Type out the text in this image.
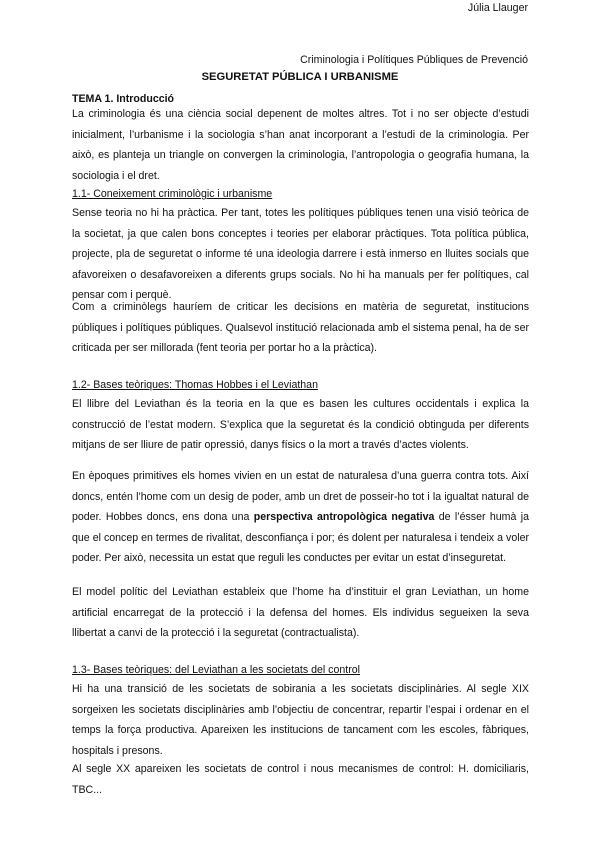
Júlia Llauger
Criminologia i Polítiques Públiques de Prevenció
SEGURETAT PÚBLICA I URBANISME
TEMA 1. Introducció

La criminologia és una ciència social depenent de moltes altres. Tot i no ser objecte d’estudi inicialment, l’urbanisme i la sociologia s’han anat incorporant a l’estudi de la criminologia. Per això, es planteja un triangle on convergen la criminologia, l’antropologia o geografia humana, la sociologia i el dret.

1.1- Coneixement criminològic i urbanisme

Sense teoria no hi ha pràctica. Per tant, totes les polítiques públiques tenen una visió teòrica de la societat, ja que calen bons conceptes i teories per elaborar pràctiques. Tota política pública, projecte, pla de seguretat o informe té una ideologia darrere i està inmerso en lluites socials que afavoreixen o desafavoreixen a diferents grups socials. No hi ha manuals per fer polítiques, cal pensar com i perquè.

Com a criminòlegs hauríem de criticar les decisions en matèria de seguretat, institucions públiques i polítiques públiques. Qualsevol institució relacionada amb el sistema penal, ha de ser criticada per ser millorada (fent teoria per portar ho a la pràctica).

1.2- Bases teòriques: Thomas Hobbes i el Leviathan

El llibre del Leviathan és la teoria en la que es basen les cultures occidentals i explica la construcció de l’estat modern. S’explica que la seguretat és la condició obtinguda per diferents mitjans de ser lliure de patir opressió, danys físics o la mort a través d’actes violents.

En èpoques primitives els homes vivien en un estat de naturalesa d’una guerra contra tots. Així doncs, entén l’home com un desig de poder, amb un dret de posseir-ho tot i la igualtat natural de poder. Hobbes doncs, ens dona una perspectiva antropològica negativa de l’ésser humà ja que el concep en termes de rivalitat, desconfiança i por; és dolent per naturalesa i tendeix a voler poder. Per això, necessita un estat que reguli les conductes per evitar un estat d’inseguretat.

El model polític del Leviathan estableix que l’home ha d’instituir el gran Leviathan, un home artificial encarregat de la protecció i la defensa del homes. Els individus segueixen la seva llibertat a canvi de la protecció i la seguretat (contractualista).

1.3- Bases teòriques: del Leviathan a les societats del control

Hi ha una transició de les societats de sobirania a les societats disciplinàries. Al segle XIX sorgeixen les societats disciplinàries amb l’objectiu de concentrar, repartir l’espai i ordenar en el temps la força productiva. Apareixen les institucions de tancament com les escoles, fàbriques, hospitals i presons.

Al segle XX apareixen les societats de control i nous mecanismes de control: H. domiciliaris, TBC...
